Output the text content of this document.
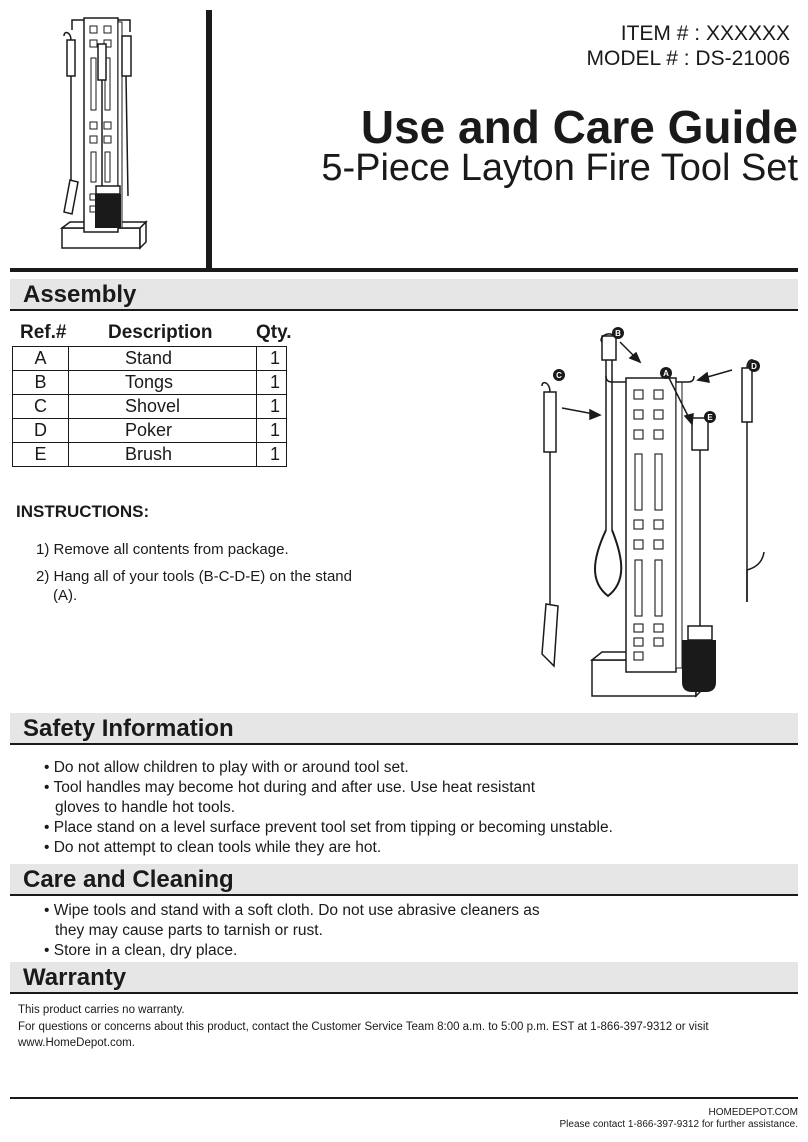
ITEM # : XXXXXX
MODEL # : DS-21006
Use and Care Guide
5-Piece Layton Fire Tool Set
Assembly
Ref.# Description Qty.
A	Stand	1
B	Tongs	1
C	Shovel	1
D	Poker	1
E	Brush	1
INSTRUCTIONS:
1) Remove all contents from package.
2) Hang all of your tools (B-C-D-E) on the stand (A).
A
B
C
D
E
Safety Information
• Do not allow children to play with or around tool set.
• Tool handles may become hot during and after use. Use heat resistant
gloves to handle hot tools.
• Place stand on a level surface prevent tool set from tipping or becoming unstable.
• Do not attempt to clean tools while they are hot.
Care and Cleaning
• Wipe tools and stand with a soft cloth. Do not use abrasive cleaners as
they may cause parts to tarnish or rust.
• Store in a clean, dry place.
Warranty
This product carries no warranty.
For questions or concerns about this product, contact the Customer Service Team 8:00 a.m. to 5:00 p.m. EST at 1-866-397-9312 or visit www.HomeDepot.com.
HOMEDEPOT.COM
Please contact 1-866-397-9312 for further assistance.
